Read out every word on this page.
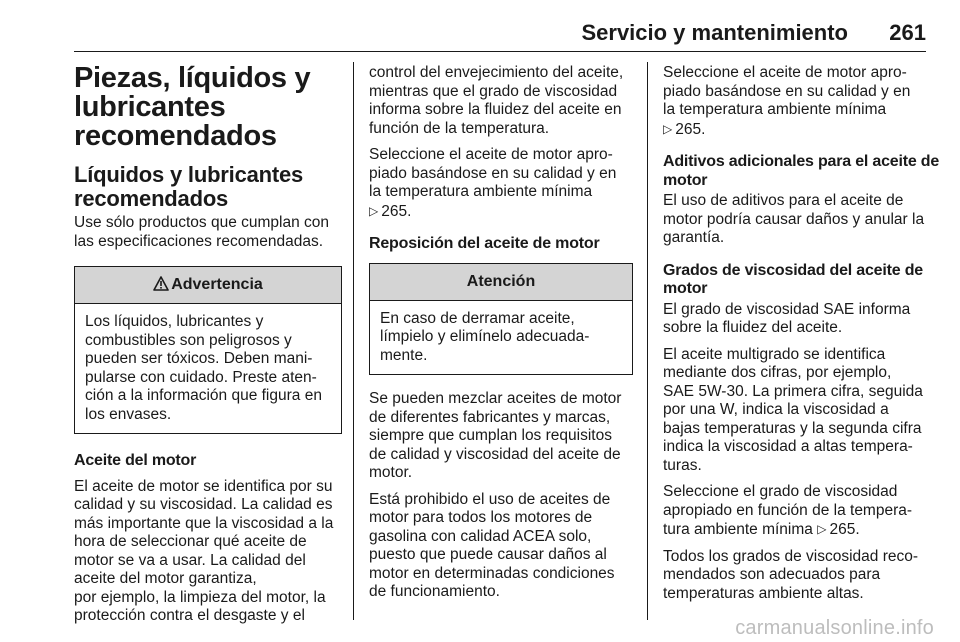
Servicio y mantenimiento 261
Piezas, líquidos y
lubricantes
recomendados
Líquidos y lubricantes
recomendados

Use sólo productos que cumplan con
las especificaciones recomendadas.

Advertencia
Los líquidos, lubricantes y
combustibles son peligrosos y
pueden ser tóxicos. Deben mani-
pularse con cuidado. Preste aten-
ción a la información que figura en
los envases.
Aceite del motor

El aceite de motor se identifica por su
calidad y su viscosidad. La calidad es
más importante que la viscosidad a la
hora de seleccionar qué aceite de
motor se va a usar. La calidad del
aceite del motor garantiza,
por ejemplo, la limpieza del motor, la
protección contra el desgaste y el

control del envejecimiento del aceite,
mientras que el grado de viscosidad
informa sobre la fluidez del aceite en
función de la temperatura.

Seleccione el aceite de motor apro-
piado basándose en su calidad y en
la temperatura ambiente mínima
▷ 265.

Reposición del aceite de motor
Atención
En caso de derramar aceite,
límpielo y elimínelo adecuada-
mente.

Se pueden mezclar aceites de motor
de diferentes fabricantes y marcas,
siempre que cumplan los requisitos
de calidad y viscosidad del aceite de
motor.

Está prohibido el uso de aceites de
motor para todos los motores de
gasolina con calidad ACEA solo,
puesto que puede causar daños al
motor en determinadas condiciones
de funcionamiento.

Seleccione el aceite de motor apro-
piado basándose en su calidad y en
la temperatura ambiente mínima
▷ 265.

Aditivos adicionales para el aceite de
motor

El uso de aditivos para el aceite de
motor podría causar daños y anular la
garantía.

Grados de viscosidad del aceite de
motor

El grado de viscosidad SAE informa
sobre la fluidez del aceite.

El aceite multigrado se identifica
mediante dos cifras, por ejemplo,
SAE 5W-30. La primera cifra, seguida
por una W, indica la viscosidad a
bajas temperaturas y la segunda cifra
indica la viscosidad a altas tempera-
turas.

Seleccione el grado de viscosidad
apropiado en función de la tempera-
tura ambiente mínima ▷ 265.

Todos los grados de viscosidad reco-
mendados son adecuados para
temperaturas ambiente altas.

carmanualsonline.info
